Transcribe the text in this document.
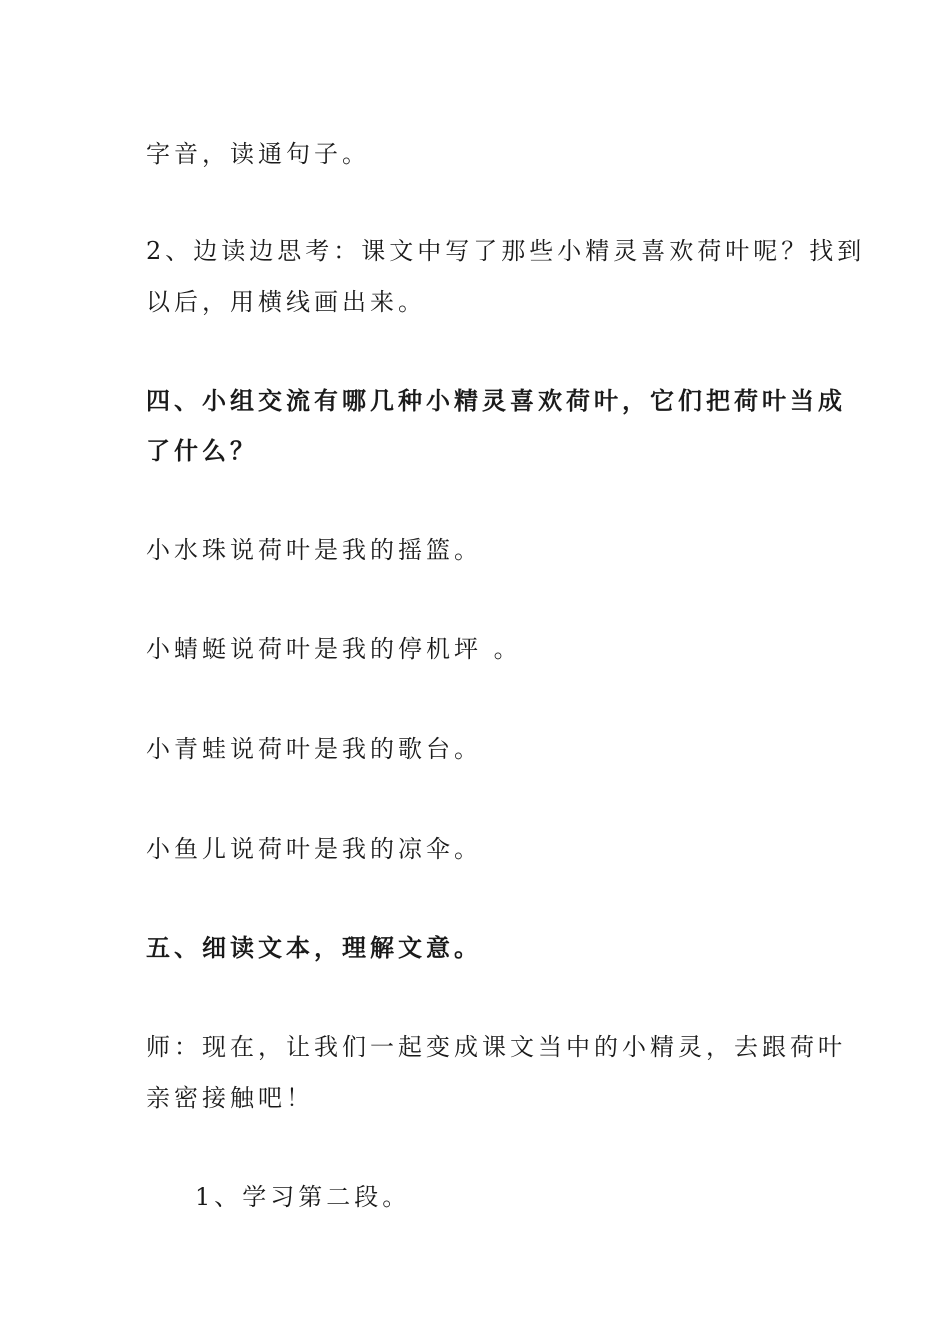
字音，读通句子。
2、边读边思考：课文中写了那些小精灵喜欢荷叶呢？找到
以后，用横线画出来。
四、小组交流有哪几种小精灵喜欢荷叶，它们把荷叶当成
了什么？
小水珠说荷叶是我的摇篮。
小蜻蜓说荷叶是我的停机坪 。
小青蛙说荷叶是我的歌台。
小鱼儿说荷叶是我的凉伞。
五、细读文本，理解文意。
师：现在，让我们一起变成课文当中的小精灵，去跟荷叶
亲密接触吧！
1、学习第二段。
